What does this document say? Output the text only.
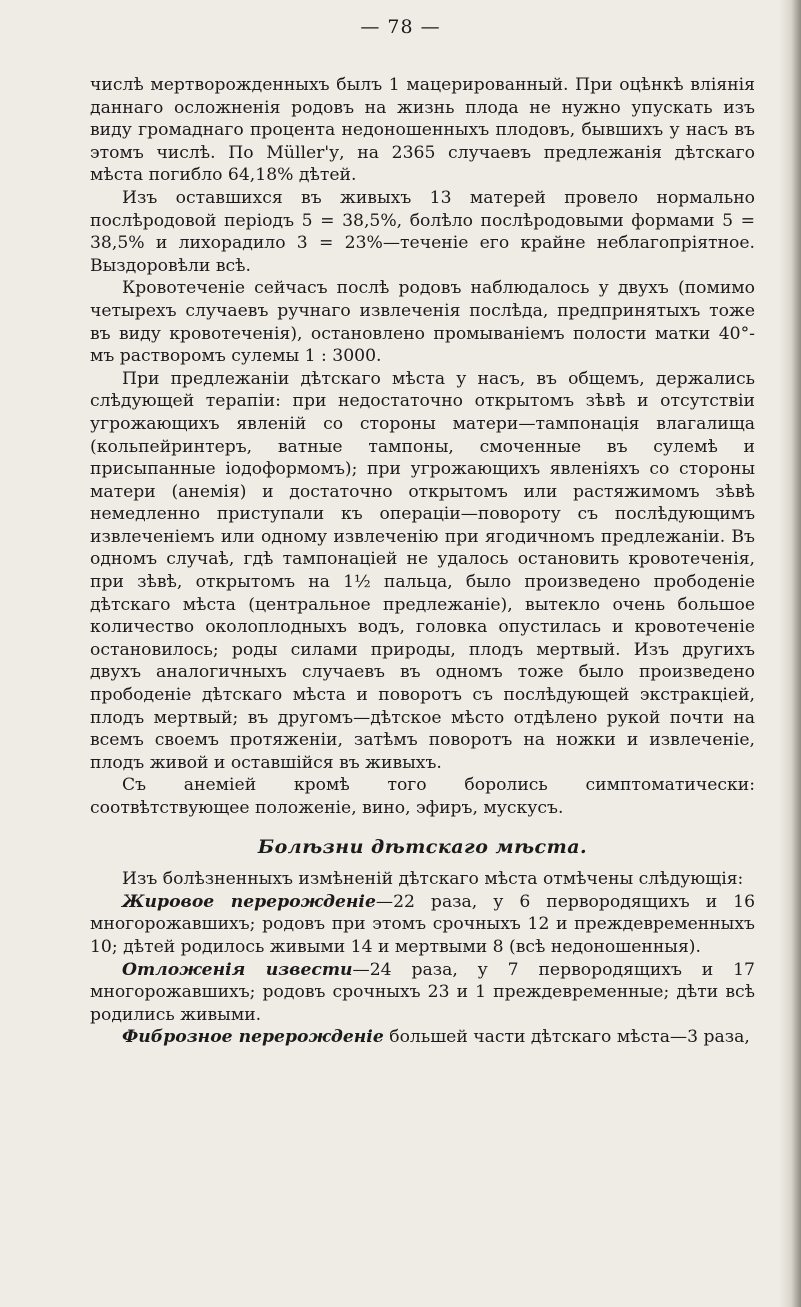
— 78 —

числѣ мертворожденныхъ былъ 1 мацерированный. При оцѣнкѣ вліянія даннаго осложненія родовъ на жизнь плода не нужно упускать изъ виду громаднаго процента недоношенныхъ плодовъ, бывшихъ у насъ въ этомъ числѣ. По Müller'у, на 2365 случаевъ предлежанія дѣтскаго мѣста погибло 64,18% дѣтей.

Изъ оставшихся въ живыхъ 13 матерей провело нормально послѣродовой періодъ 5 = 38,5%, болѣло послѣродовыми формами 5 = 38,5% и лихорадило 3 = 23%—теченіе его крайне неблагопріятное. Выздоровѣли всѣ.

Кровотеченіе сейчасъ послѣ родовъ наблюдалось у двухъ (помимо четырехъ случаевъ ручнаго извлеченія послѣда, предпринятыхъ тоже въ виду кровотеченія), остановлено промываніемъ полости матки 40°-мъ растворомъ сулемы 1 : 3000.

При предлежаніи дѣтскаго мѣста у насъ, въ общемъ, держались слѣдующей терапіи: при недостаточно открытомъ зѣвѣ и отсутствіи угрожающихъ явленій со стороны матери—тампонація влагалища (кольпейринтеръ, ватные тампоны, смоченные въ сулемѣ и присыпанные іодоформомъ); при угрожающихъ явленіяхъ со стороны матери (анемія) и достаточно открытомъ или растяжимомъ зѣвѣ немедленно приступали къ операціи—повороту съ послѣдующимъ извлеченіемъ или одному извлеченію при ягодичномъ предлежаніи. Въ одномъ случаѣ, гдѣ тампонаціей не удалось остановить кровотеченія, при зѣвѣ, открытомъ на 1½ пальца, было произведено прободеніе дѣтскаго мѣста (центральное предлежаніе), вытекло очень большое количество околоплодныхъ водъ, головка опустилась и кровотеченіе остановилось; роды силами природы, плодъ мертвый. Изъ другихъ двухъ аналогичныхъ случаевъ въ одномъ тоже было произведено прободеніе дѣтскаго мѣста и поворотъ съ послѣдующей экстракціей, плодъ мертвый; въ другомъ—дѣтское мѣсто отдѣлено рукой почти на всемъ своемъ протяженіи, затѣмъ поворотъ на ножки и извлеченіе, плодъ живой и оставшійся въ живыхъ.

Съ анеміей кромѣ того боролись симптоматически: соотвѣтствующее положеніе, вино, эфиръ, мускусъ.

Болѣзни дѣтскаго мѣста.

Изъ болѣзненныхъ измѣненій дѣтскаго мѣста отмѣчены слѣдующія:

Жировое перерожденіе—22 раза, у 6 первородящихъ и 16 многорожавшихъ; родовъ при этомъ срочныхъ 12 и преждевременныхъ 10; дѣтей родилось живыми 14 и мертвыми 8 (всѣ недоношенныя).

Отложенія извести—24 раза, у 7 первородящихъ и 17 многорожавшихъ; родовъ срочныхъ 23 и 1 преждевременные; дѣти всѣ родились живыми.

Фиброзное перерожденіе большей части дѣтскаго мѣста—3 раза,
